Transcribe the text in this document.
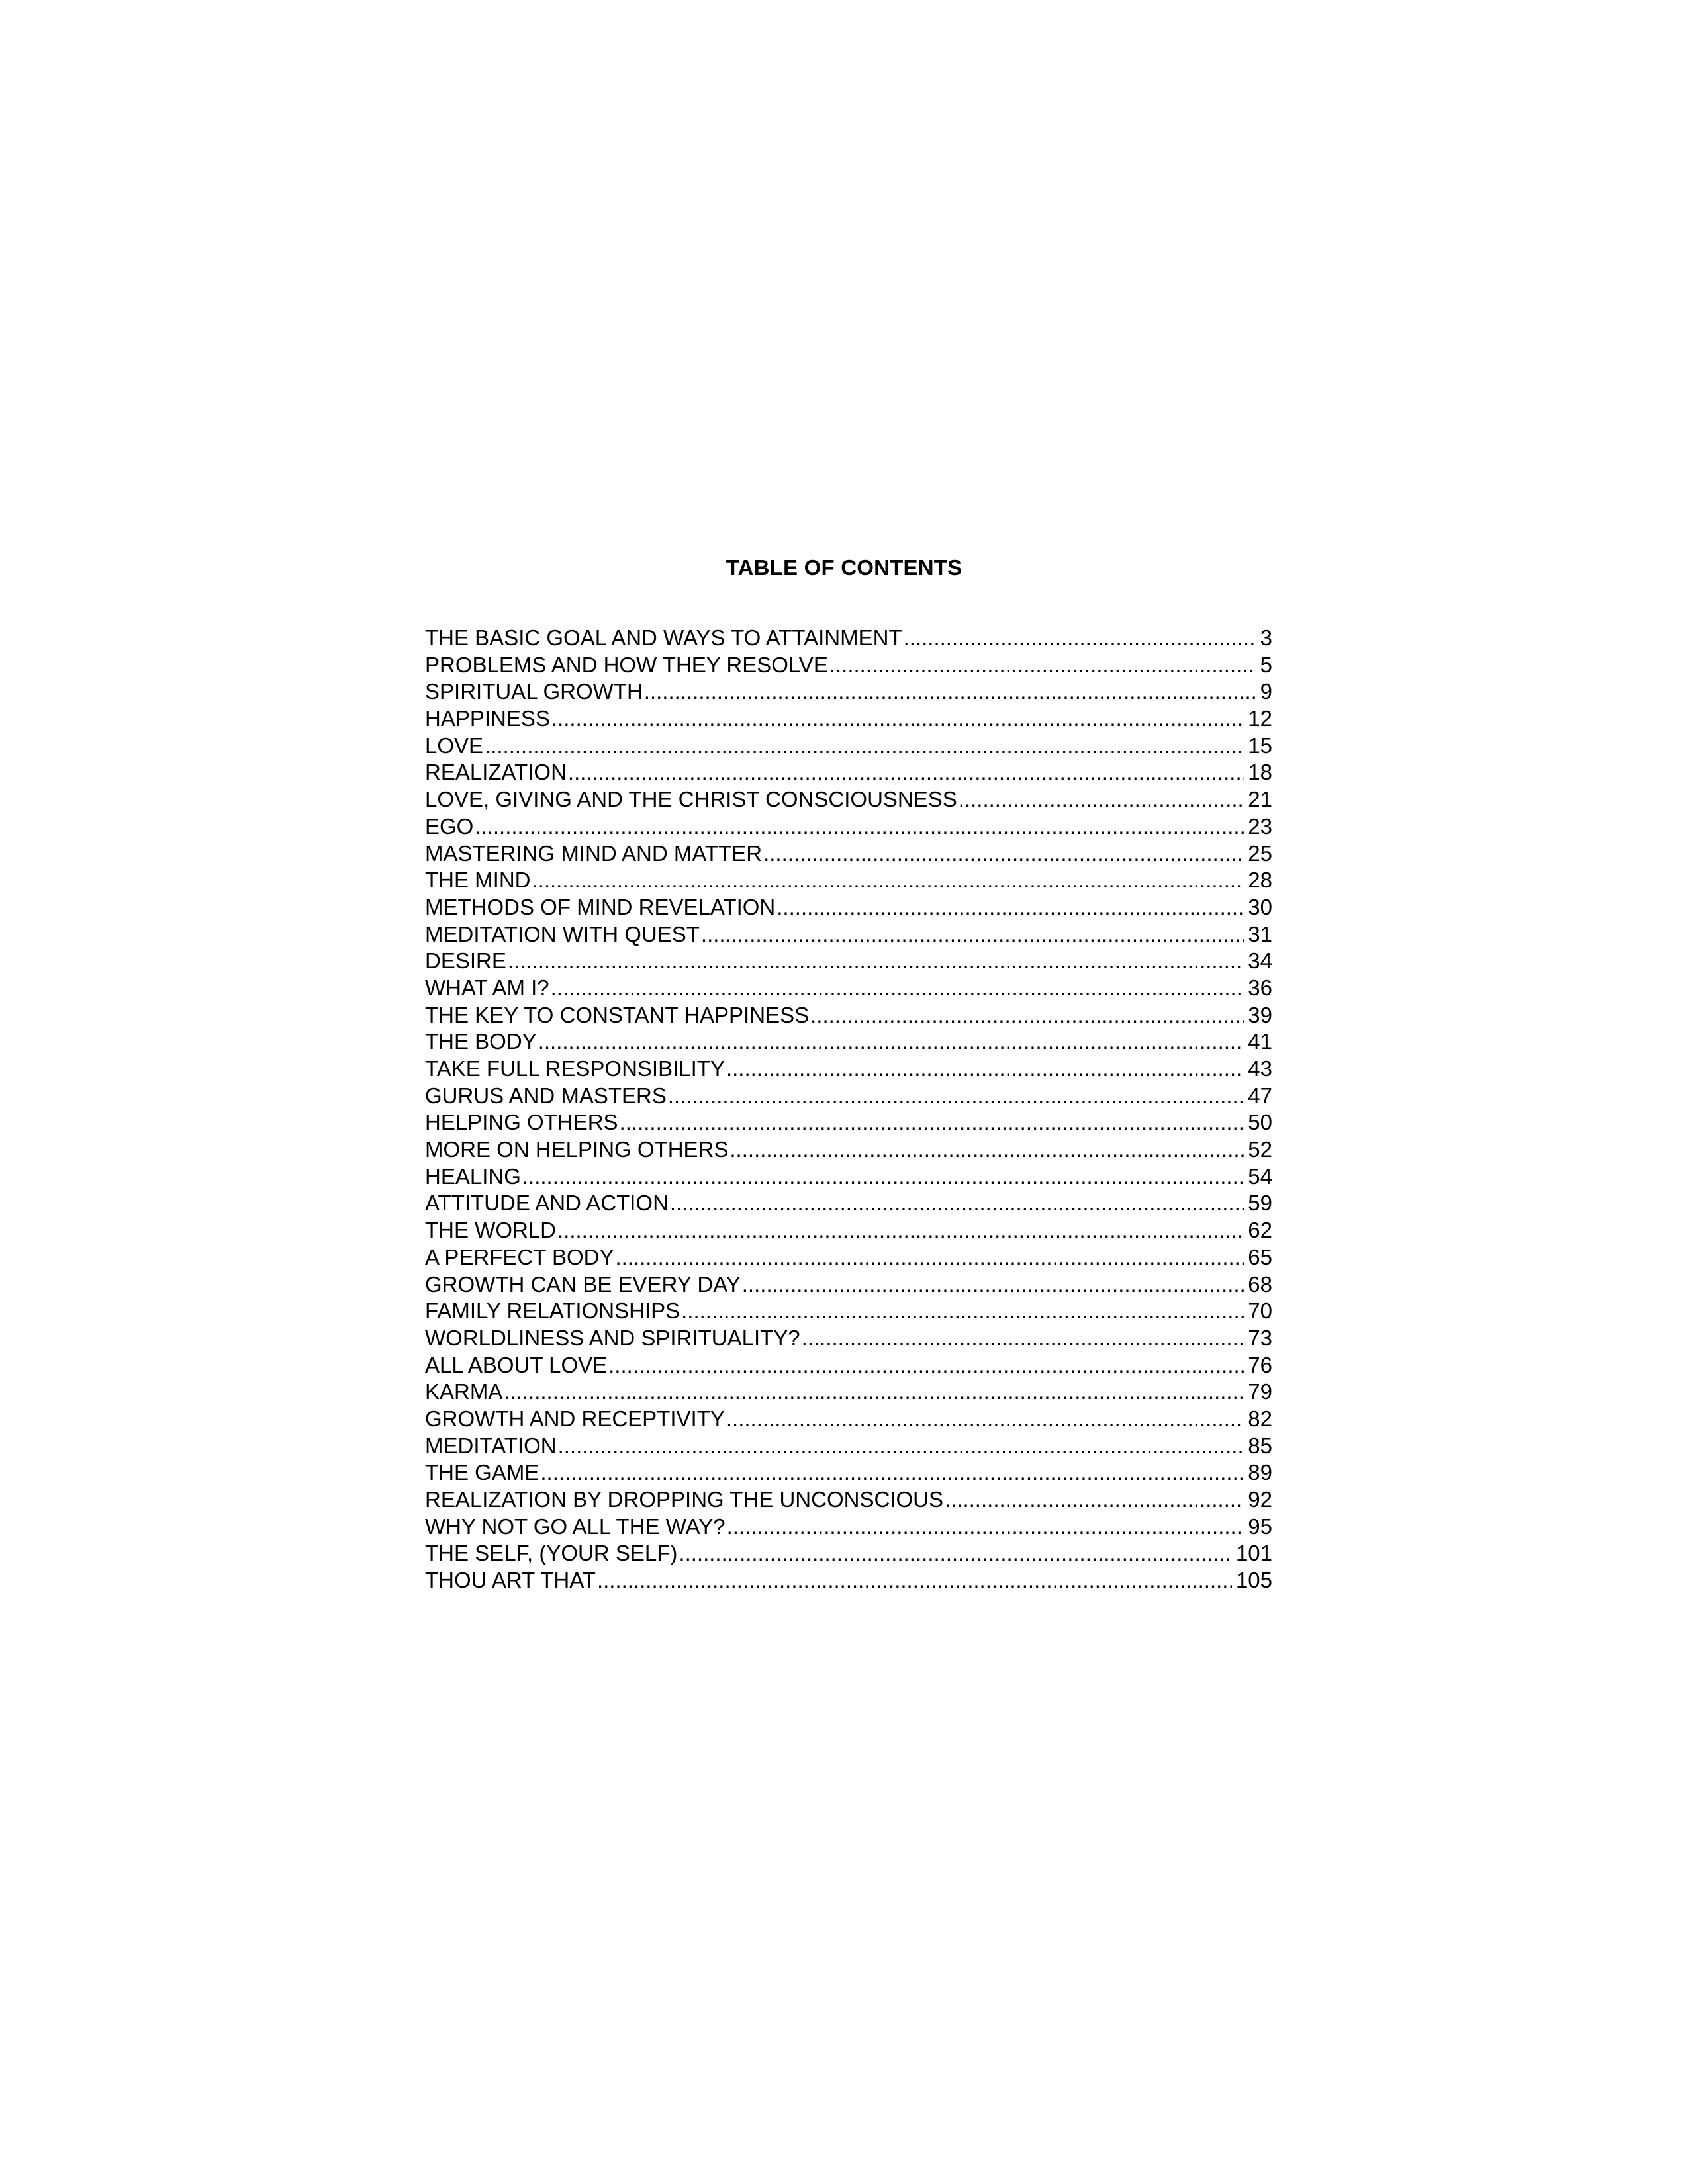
TABLE OF CONTENTS
THE BASIC GOAL AND WAYS TO ATTAINMENT .....	3
PROBLEMS AND HOW THEY RESOLVE .....	5
SPIRITUAL GROWTH .....	9
HAPPINESS .....	12
LOVE .....	15
REALIZATION .....	18
LOVE, GIVING AND THE CHRIST CONSCIOUSNESS .....	21
EGO .....	23
MASTERING MIND AND MATTER .....	25
THE MIND .....	28
METHODS OF MIND REVELATION .....	30
MEDITATION WITH QUEST .....	31
DESIRE .....	34
WHAT AM I? .....	36
THE KEY TO CONSTANT HAPPINESS .....	39
THE BODY .....	41
TAKE FULL RESPONSIBILITY .....	43
GURUS AND MASTERS .....	47
HELPING OTHERS .....	50
MORE ON HELPING OTHERS .....	52
HEALING .....	54
ATTITUDE AND ACTION .....	59
THE WORLD .....	62
A PERFECT BODY .....	65
GROWTH CAN BE EVERY DAY .....	68
FAMILY RELATIONSHIPS .....	70
WORLDLINESS AND SPIRITUALITY? .....	73
ALL ABOUT LOVE .....	76
KARMA .....	79
GROWTH AND RECEPTIVITY .....	82
MEDITATION .....	85
THE GAME .....	89
REALIZATION BY DROPPING THE UNCONSCIOUS .....	92
WHY NOT GO ALL THE WAY? .....	95
THE SELF, (YOUR SELF) .....	101
THOU ART THAT .....	105
